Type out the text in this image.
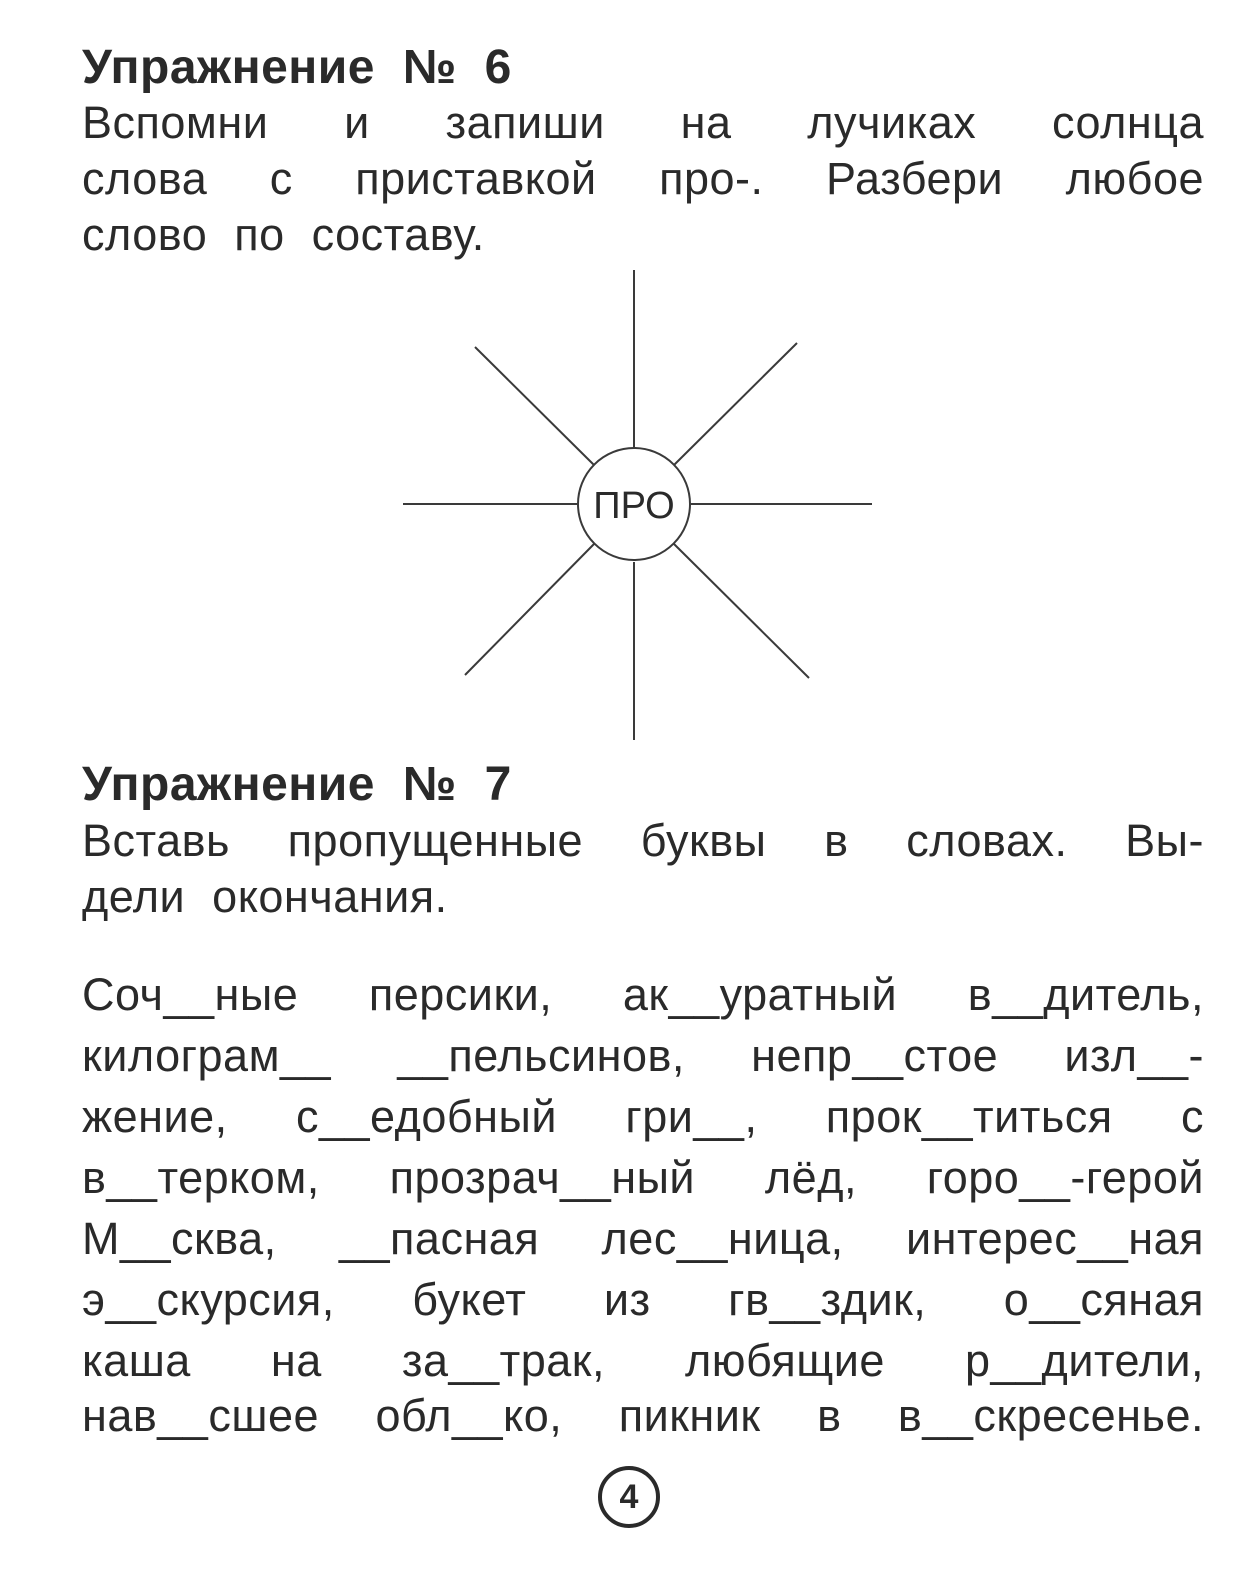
Упражнение № 6
Вспомни и запиши на лучиках солнца
слова с приставкой про-. Разбери любое
слово по составу.
ПРО
Упражнение № 7
Вставь пропущенные буквы в словах. Вы-
дели окончания.
Соч__ные персики, ак__уратный в__дитель,
килограм__ __пельсинов, непр__стое изл__-
жение, с__едобный гри__, прок__титься с
в__терком, прозрач__ный лёд, горо__-герой
М__сква, __пасная лес__ница, интерес__ная
э__скурсия, букет из гв__здик, о__сяная
каша на за__трак, любящие р__дители,
нав__сшее обл__ко, пикник в в__скресенье.
4
